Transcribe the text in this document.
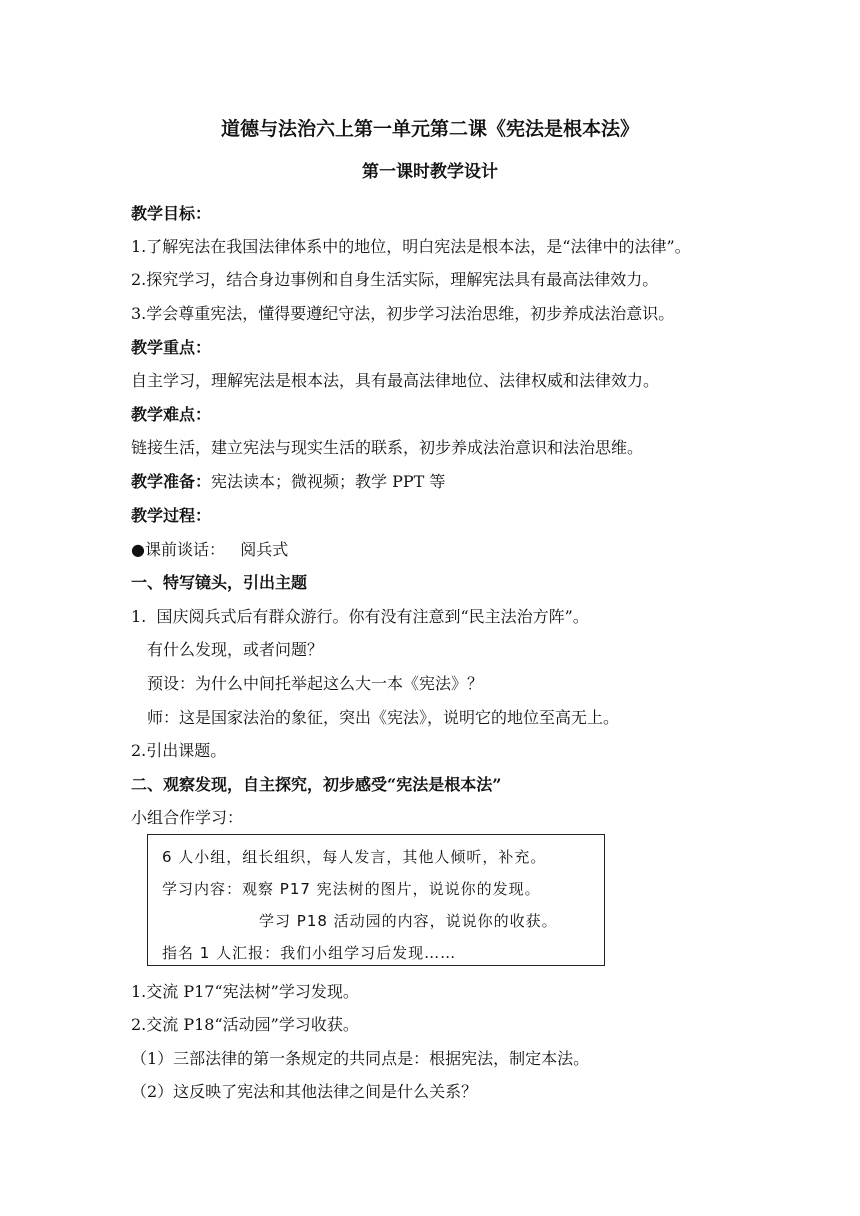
道德与法治六上第一单元第二课《宪法是根本法》
第一课时教学设计
教学目标：
1.了解宪法在我国法律体系中的地位，明白宪法是根本法，是“法律中的法律”。
2.探究学习，结合身边事例和自身生活实际，理解宪法具有最高法律效力。
3.学会尊重宪法，懂得要遵纪守法，初步学习法治思维，初步养成法治意识。
教学重点：
自主学习，理解宪法是根本法，具有最高法律地位、法律权威和法律效力。
教学难点：
链接生活，建立宪法与现实生活的联系，初步养成法治意识和法治思维。
教学准备：宪法读本；微视频；教学 PPT 等
教学过程：
●课前谈话：   阅兵式
一、特写镜头，引出主题
1.  国庆阅兵式后有群众游行。你有没有注意到“民主法治方阵”。
有什么发现，或者问题？
预设：为什么中间托举起这么大一本《宪法》？
师：这是国家法治的象征，突出《宪法》，说明它的地位至高无上。
2.引出课题。
二、观察发现，自主探究，初步感受“宪法是根本法”
小组合作学习：
6 人小组，组长组织，每人发言，其他人倾听，补充。
学习内容：观察 P17 宪法树的图片，说说你的发现。
学习 P18 活动园的内容，说说你的收获。
指名 1 人汇报：我们小组学习后发现……
1.交流 P17“宪法树”学习发现。
2.交流 P18“活动园”学习收获。
（1）三部法律的第一条规定的共同点是：根据宪法，制定本法。
（2）这反映了宪法和其他法律之间是什么关系？
